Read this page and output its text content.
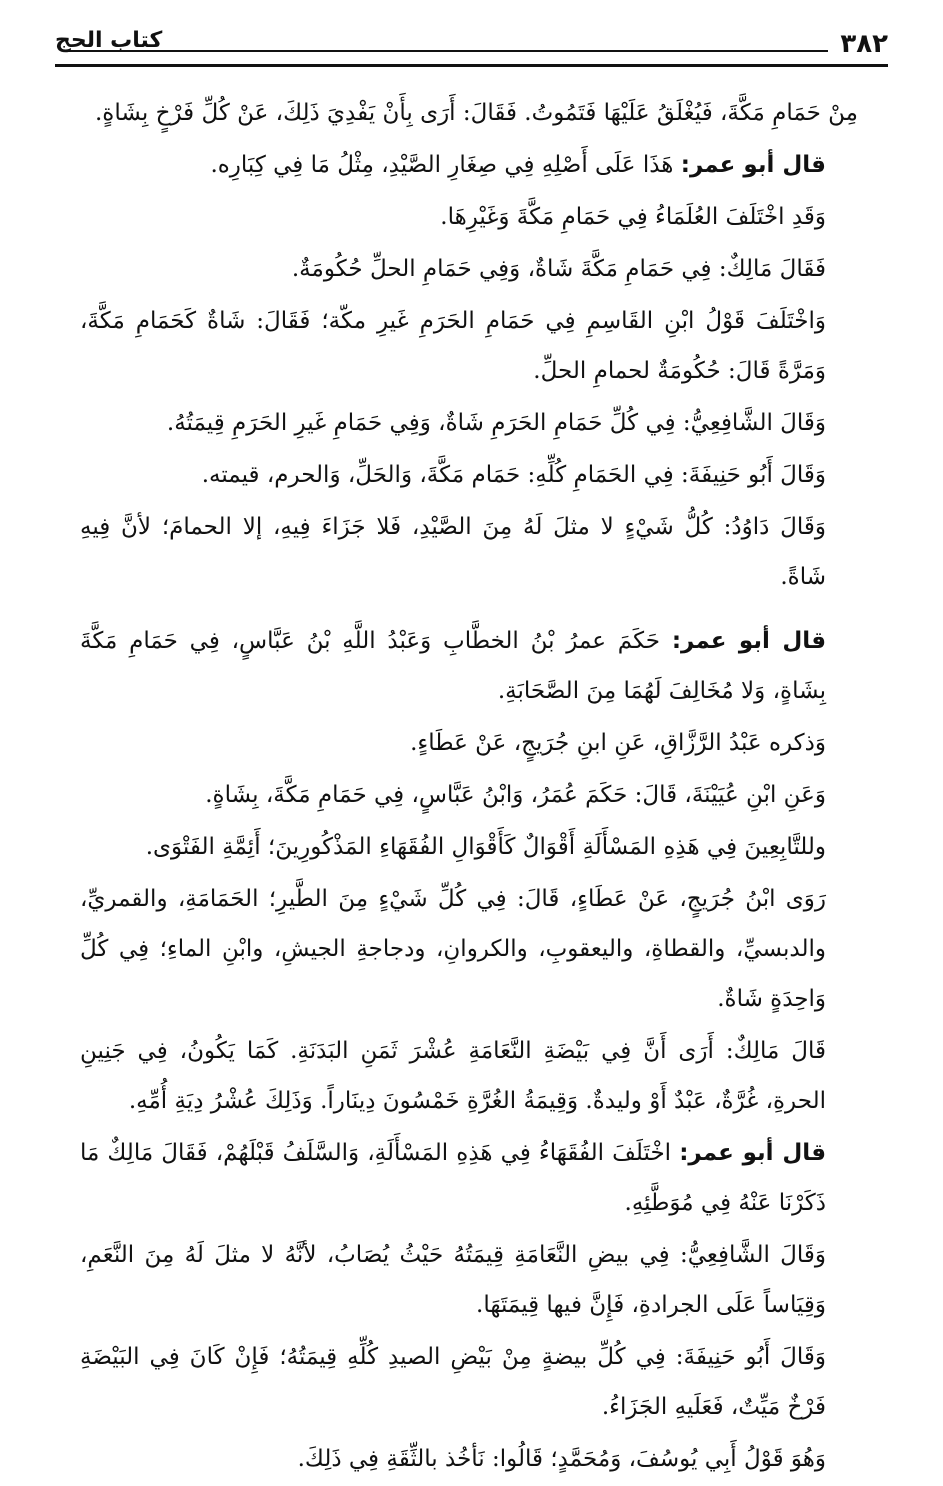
٣٨٢
كتاب الحج

مِنْ حَمَامِ مَكَّةَ، فَيُغْلَقُ عَلَيْهَا فَتَمُوتُ. فَقَالَ: أَرَى بِأَنْ يَفْدِيَ ذَلِكَ، عَنْ كُلِّ فَرْخٍ بِشَاةٍ.

قال أبو عمر: هَذَا عَلَى أَصْلِهِ فِي صِغَارِ الصَّيْدِ، مِثْلُ مَا فِي كِبَارِه.

وَقَدِ اخْتَلَفَ العُلَمَاءُ فِي حَمَامِ مَكَّةَ وَغَيْرِهَا.

فَقَالَ مَالِكٌ: فِي حَمَامِ مَكَّةَ شَاةٌ، وَفِي حَمَامِ الحلِّ حُكُومَةٌ.

وَاخْتَلَفَ قَوْلُ ابْنِ القَاسِمِ فِي حَمَامِ الحَرَمِ غَيرِ مكّة؛ فَقَالَ: شَاةٌ كَحَمَامِ مَكَّةَ، وَمَرَّةً قَالَ: حُكُومَةٌ لحمامِ الحلِّ.

وَقَالَ الشَّافِعِيُّ: فِي كُلِّ حَمَامِ الحَرَمِ شَاةٌ، وَفِي حَمَامِ غَيرِ الحَرَمِ قِيمَتُهُ.

وَقَالَ أَبُو حَنِيفَةَ: فِي الحَمَامِ كُلِّهِ: حَمَام مَكَّةَ، وَالحَلِّ، وَالحرم، قيمته.

وَقَالَ دَاوُدُ: كُلُّ شَيْءٍ لا مثلَ لَهُ مِنَ الصَّيْدِ، فَلا جَزَاءَ فِيهِ، إلا الحمامَ؛ لأنَّ فِيهِ شَاةً.

قال أبو عمر: حَكَمَ عمرُ بْنُ الخطَّابِ وَعَبْدُ اللَّهِ بْنُ عَبَّاسٍ، فِي حَمَامِ مَكَّةَ بِشَاةٍ، وَلا مُخَالِفَ لَهُمَا مِنَ الصَّحَابَةِ.

وَذكره عَبْدُ الرَّزَّاقِ، عَنِ ابنِ جُرَيجٍ، عَنْ عَطَاءٍ.

وَعَنِ ابْنِ عُيَيْنَةَ، قَالَ: حَكَمَ عُمَرُ، وَابْنُ عَبَّاسٍ، فِي حَمَامِ مَكَّةَ، بِشَاةٍ.

وللتَّابِعِينَ فِي هَذِهِ المَسْأَلَةِ أَقْوَالٌ كَأَقْوَالِ الفُقَهَاءِ المَذْكُورِينَ؛ أَئِمَّةِ الفَتْوَى.

رَوَى ابْنُ جُرَيجٍ، عَنْ عَطَاءٍ، قَالَ: فِي كُلِّ شَيْءٍ مِنَ الطَّيرِ؛ الحَمَامَةِ، والقمريِّ، والدبسيِّ، والقطاةِ، واليعقوبِ، والكروانِ، ودجاجةِ الجيشِ، وابْنِ الماءِ؛ فِي كُلِّ وَاحِدَةٍ شَاةٌ.

قَالَ مَالِكٌ: أَرَى أَنَّ فِي بَيْضَةِ النَّعَامَةِ عُشْرَ ثَمَنِ البَدَنَةِ. كَمَا يَكُونُ، فِي جَنِينِ الحرةِ، غُرَّةٌ، عَبْدٌ أَوْ وليدةٌ. وَقِيمَةُ الغُرَّةِ خَمْسُونَ دِينَاراً. وَذَلِكَ عُشْرُ دِيَةِ أُمِّهِ.

قال أبو عمر: اخْتَلَفَ الفُقَهَاءُ فِي هَذِهِ المَسْأَلَةِ، وَالسَّلَفُ قَبْلَهُمْ، فَقَالَ مَالِكٌ مَا ذَكَرْنَا عَنْهُ فِي مُوَطَّئِهِ.

وَقَالَ الشَّافِعِيُّ: فِي بيضِ النَّعَامَةِ قِيمَتُهُ حَيْثُ يُصَابُ، لأنَّهُ لا مثلَ لَهُ مِنَ النَّعَمِ، وَقِيَاساً عَلَى الجرادةِ، فَإِنَّ فيها قِيمَتَهَا.

وَقَالَ أَبُو حَنِيفَةَ: فِي كُلِّ بيضةٍ مِنْ بَيْضِ الصيدِ كُلِّهِ قِيمَتُهُ؛ فَإِنْ كَانَ فِي البَيْضَةِ فَرْخٌ مَيِّتٌ، فَعَلَيهِ الجَزَاءُ.

وَهُوَ قَوْلُ أَبِي يُوسُفَ، وَمُحَمَّدٍ؛ قَالُوا: نَأخُذ بالثِّقَةِ فِي ذَلِكَ.
